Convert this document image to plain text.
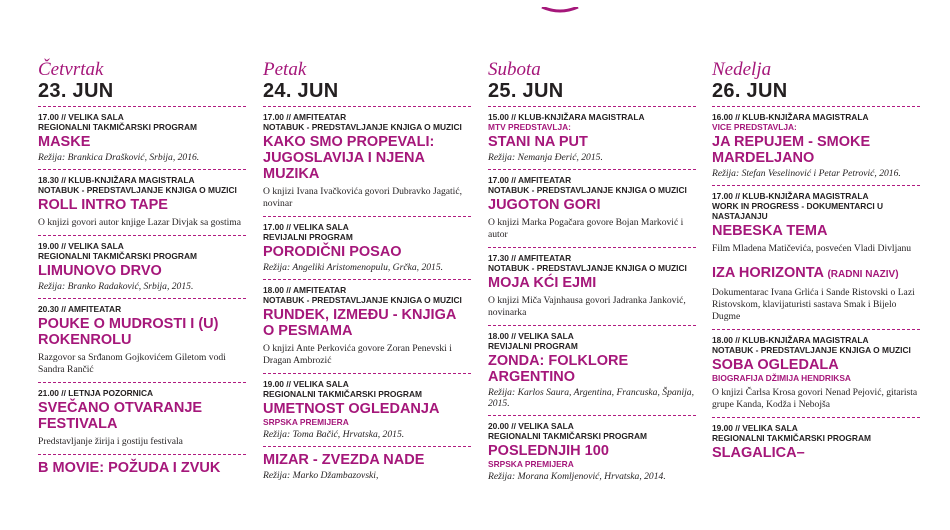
Četvrtak
23. JUN
17.00 // VELIKA SALA
REGIONALNI TAKMIČARSKI PROGRAM
MASKE
Režija: Brankica Drašković, Srbija, 2016.
18.30 // KLUB-KNJIŽARA MAGISTRALA
NOTABUK - PREDSTAVLJANJE KNJIGA O MUZICI
ROLL INTRO TAPE
O knjizi govori autor knjige Lazar Divjak sa gostima
19.00 // VELIKA SALA
REGIONALNI TAKMIČARSKI PROGRAM
LIMUNOVO DRVO
Režija: Branko Radaković, Srbija, 2015.
20.30 // AMFITEATAR
POUKE O MUDROSTI I (U) ROKENROLU
Razgovor sa Srđanom Gojkovićem Giletom vodi Sandra Rančić
21.00 // LETNJA POZORNICA
SVEČANO OTVARANJE FESTIVALA
Predstavljanje žirija i gostiju festivala
B MOVIE: POŽUDA I ZVUK
Petak
24. JUN
17.00 // AMFITEATAR
NOTABUK - PREDSTAVLJANJE KNJIGA O MUZICI
KAKO SMO PROPEVALI: JUGOSLAVIJA I NJENA MUZIKA
O knjizi Ivana Ivačkovića govori Dubravko Jagatić, novinar
17.00 // VELIKA SALA
REVIJALNI PROGRAM
PORODIČNI POSAO
Režija: Angeliki Aristomenopulu, Grčka, 2015.
18.00 // AMFITEATAR
NOTABUK - PREDSTAVLJANJE KNJIGA O MUZICI
RUNDEK, IZMEĐU - KNJIGA O PESMAMA
O knjizi Ante Perkovića govore Zoran Penevski i Dragan Ambrozić
19.00 // VELIKA SALA
REGIONALNI TAKMIČARSKI PROGRAM
UMETNOST OGLEDANJA
SRPSKA PREMIJERA
Režija: Toma Bačić, Hrvatska, 2015.
MIZAR - ZVEZDA NADE
Režija: Marko Džambazovski,
Subota
25. JUN
15.00 // KLUB-KNJIŽARA MAGISTRALA
MTV PREDSTAVLJA:
STANI NA PUT
Režija: Nemanja Đerić, 2015.
17.00 // AMFITEATAR
NOTABUK - PREDSTAVLJANJE KNJIGA O MUZICI
JUGOTON GORI
O knjizi Marka Pogačara govore Bojan Marković i autor
17.30 // AMFITEATAR
NOTABUK - PREDSTAVLJANJE KNJIGA O MUZICI
MOJA KĆI EJMI
O knjizi Miča Vajnhausa govori Jadranka Janković, novinarka
18.00 // VELIKA SALA
REVIJALNI PROGRAM
ZONDA: FOLKLORE ARGENTINO
Režija: Karlos Saura, Argentina, Francuska, Španija, 2015.
20.00 // VELIKA SALA
REGIONALNI TAKMIČARSKI PROGRAM
POSLEDNJIH 100
SRPSKA PREMIJERA
Režija: Morana Komljenović, Hrvatska, 2014.
Nedelja
26. JUN
16.00 // KLUB-KNJIŽARA MAGISTRALA
VICE PREDSTAVLJA:
JA REPUJEM - SMOKE MARDELJANO
Režija: Stefan Veselinović i Petar Petrović, 2016.
17.00 // KLUB-KNJIŽARA MAGISTRALA
WORK IN PROGRESS - DOKUMENTARCI U NASTAJANJU
NEBESKA TEMA
Film Mladena Matičevića, posvećen Vladi Divljanu
IZA HORIZONTA (RADNI NAZIV)
Dokumentarac Ivana Grlića i Sande Ristovski o Lazi Ristovskom, klavijaturisti sastava Smak i Bijelo Dugme
18.00 // KLUB-KNJIŽARA MAGISTRALA
NOTABUK - PREDSTAVLJANJE KNJIGA O MUZICI
SOBA OGLEDALA
BIOGRAFIJA DŽIMIJA HENDRIKSA
O knjizi Čarlsa Krosa govori Nenad Pejović, gitarista grupe Kanda, Kodža i Nebojša
19.00 // VELIKA SALA
REGIONALNI TAKMIČARSKI PROGRAM
SLAGALICA–
